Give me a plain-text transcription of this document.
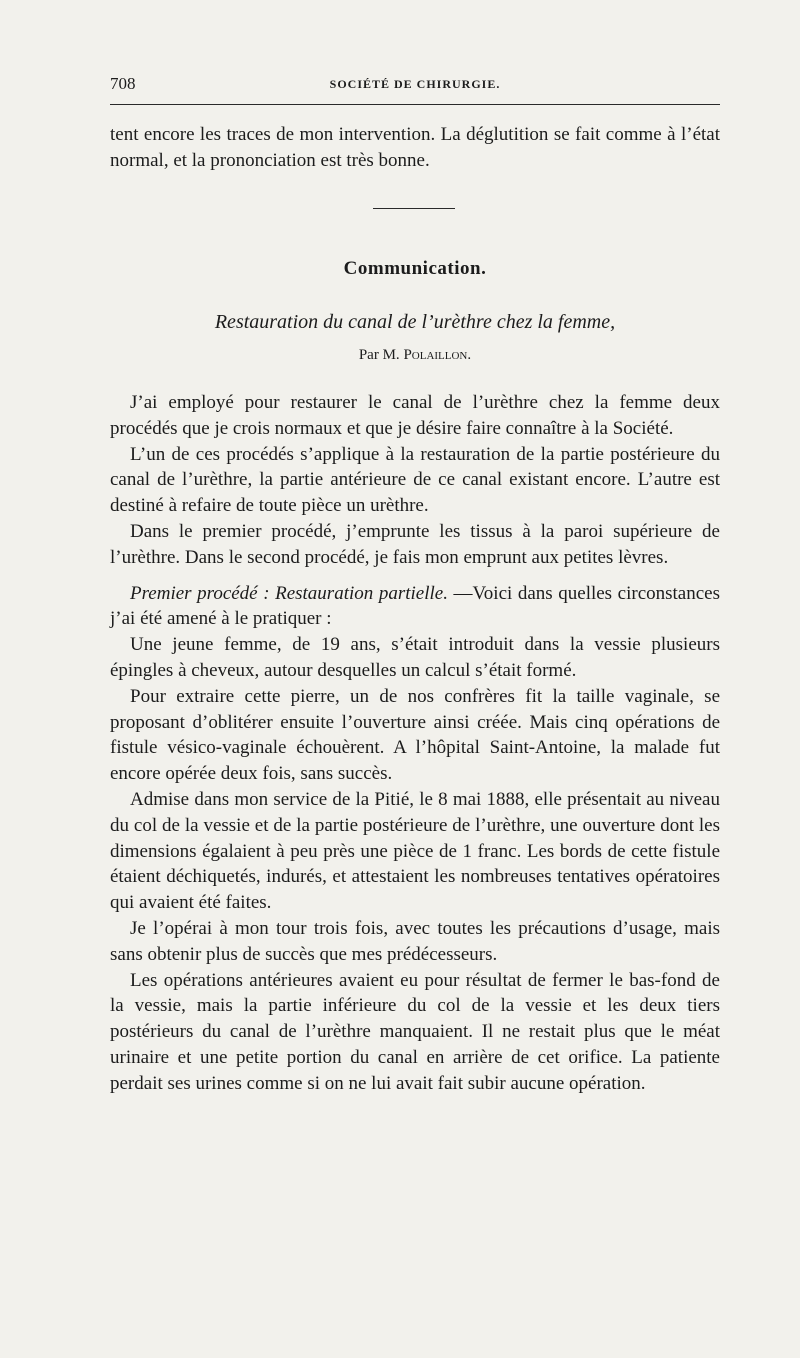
708	SOCIÉTÉ DE CHIRURGIE.

tent encore les traces de mon intervention. La déglutition se fait comme à l’état normal, et la prononciation est très bonne.

Communication.
Restauration du canal de l’urèthre chez la femme,
Par M. Polaillon.

J’ai employé pour restaurer le canal de l’urèthre chez la femme deux procédés que je crois normaux et que je désire faire connaître à la Société.

L’un de ces procédés s’applique à la restauration de la partie postérieure du canal de l’urèthre, la partie antérieure de ce canal existant encore. L’autre est destiné à refaire de toute pièce un urèthre.

Dans le premier procédé, j’emprunte les tissus à la paroi supérieure de l’urèthre. Dans le second procédé, je fais mon emprunt aux petites lèvres.

Premier procédé : Restauration partielle. —Voici dans quelles circonstances j’ai été amené à le pratiquer :

Une jeune femme, de 19 ans, s’était introduit dans la vessie plusieurs épingles à cheveux, autour desquelles un calcul s’était formé.

Pour extraire cette pierre, un de nos confrères fit la taille vaginale, se proposant d’oblitérer ensuite l’ouverture ainsi créée. Mais cinq opérations de fistule vésico-vaginale échouèrent. A l’hôpital Saint-Antoine, la malade fut encore opérée deux fois, sans succès.

Admise dans mon service de la Pitié, le 8 mai 1888, elle présentait au niveau du col de la vessie et de la partie postérieure de l’urèthre, une ouverture dont les dimensions égalaient à peu près une pièce de 1 franc. Les bords de cette fistule étaient déchiquetés, indurés, et attestaient les nombreuses tentatives opératoires qui avaient été faites.

Je l’opérai à mon tour trois fois, avec toutes les précautions d’usage, mais sans obtenir plus de succès que mes prédécesseurs.

Les opérations antérieures avaient eu pour résultat de fermer le bas-fond de la vessie, mais la partie inférieure du col de la vessie et les deux tiers postérieurs du canal de l’urèthre manquaient. Il ne restait plus que le méat urinaire et une petite portion du canal en arrière de cet orifice. La patiente perdait ses urines comme si on ne lui avait fait subir aucune opération.
